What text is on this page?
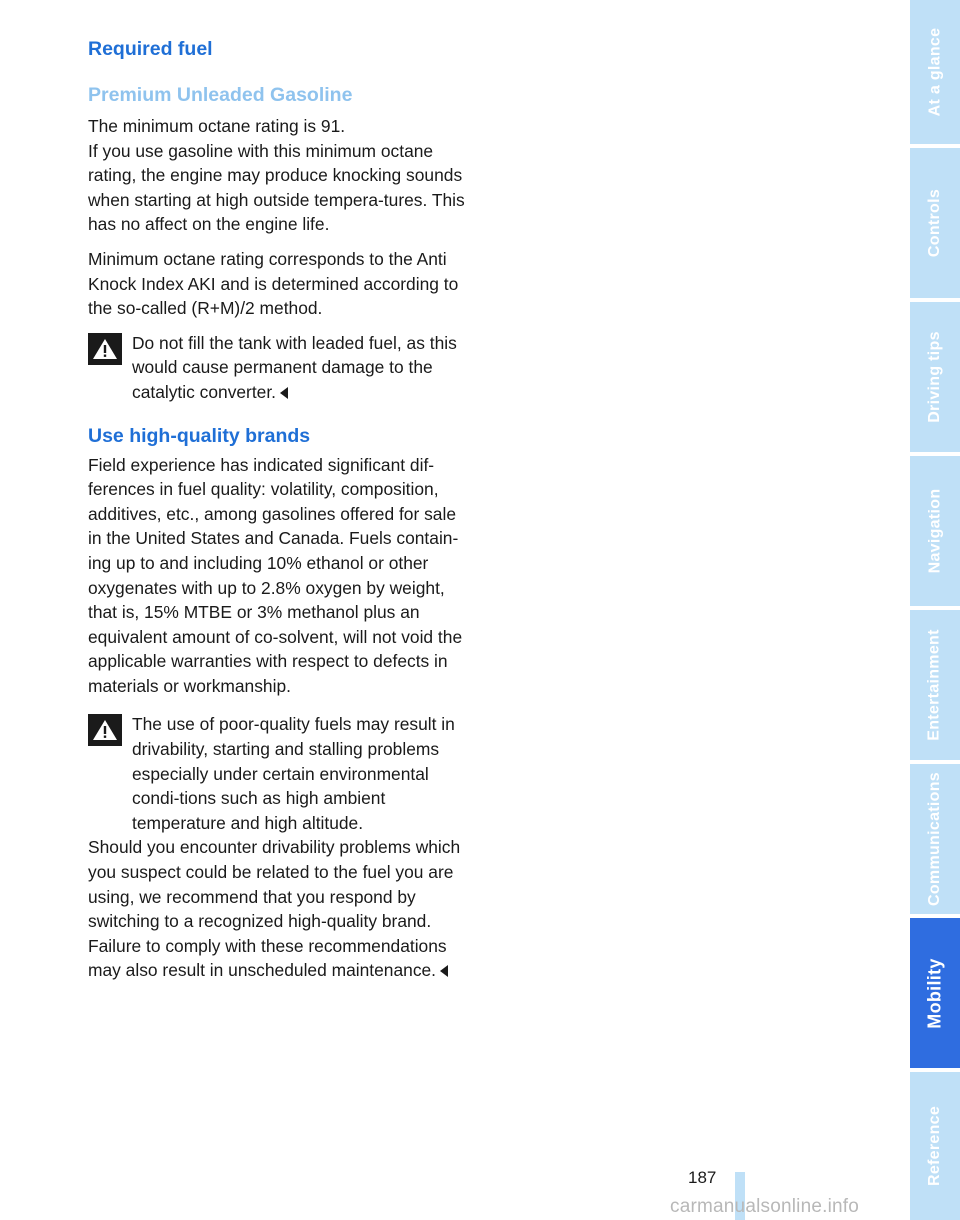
Required fuel
Premium Unleaded Gasoline

The minimum octane rating is 91.

If you use gasoline with this minimum octane rating, the engine may produce knocking sounds when starting at high outside tempera-tures. This has no affect on the engine life.

Minimum octane rating corresponds to the Anti Knock Index AKI and is determined according to the so-called (R+M)/2 method.

Do not fill the tank with leaded fuel, as this would cause permanent damage to the catalytic converter.
Use high-quality brands

Field experience has indicated significant dif-ferences in fuel quality: volatility, composition, additives, etc., among gasolines offered for sale in the United States and Canada. Fuels contain-ing up to and including 10% ethanol or other oxygenates with up to 2.8% oxygen by weight, that is, 15% MTBE or 3% methanol plus an equivalent amount of co-solvent, will not void the applicable warranties with respect to defects in materials or workmanship.

The use of poor-quality fuels may result in drivability, starting and stalling problems especially under certain environmental condi-tions such as high ambient temperature and high altitude.
Should you encounter drivability problems which you suspect could be related to the fuel you are using, we recommend that you respond by switching to a recognized high-quality brand.
Failure to comply with these recommendations may also result in unscheduled maintenance.
At a glance
Controls
Driving tips
Navigation
Entertainment
Communications
Mobility
Reference
187
carmanualsonline.info
